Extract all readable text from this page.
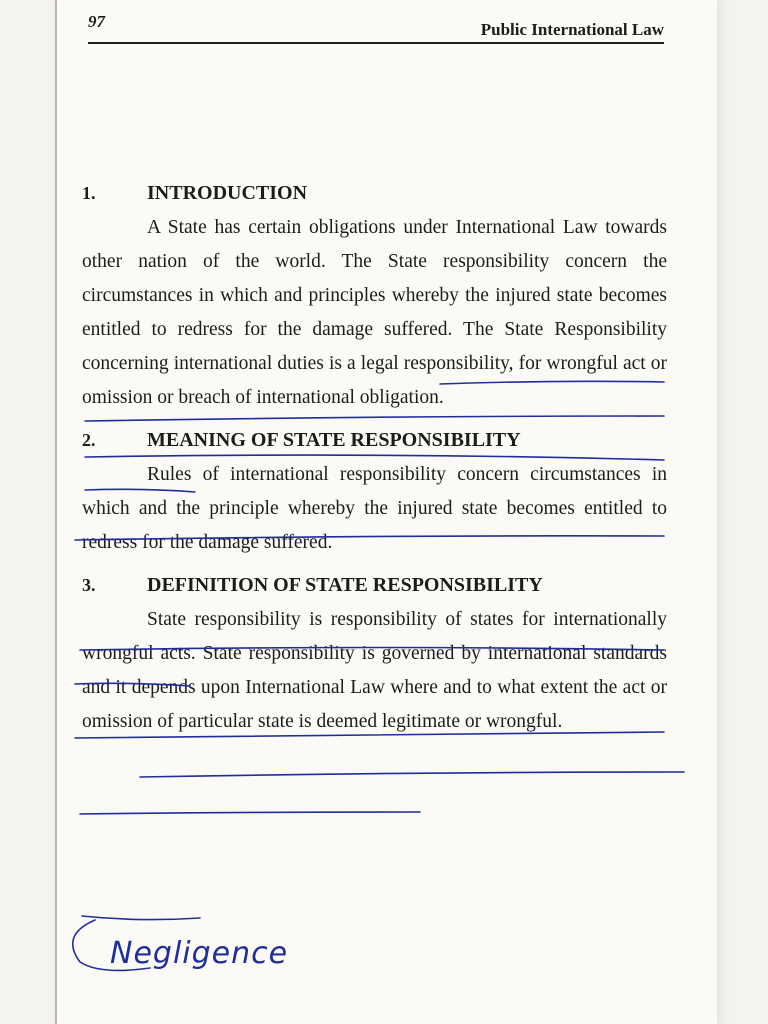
97	Public International Law
1.	INTRODUCTION

A State has certain obligations under International Law towards other nation of the world. The State responsibility concern the circumstances in which and principles whereby the injured state becomes entitled to redress for the damage suffered. The State Responsibility concerning international duties is a legal responsibility, for wrongful act or omission or breach of international obligation.

2.	MEANING OF STATE RESPONSIBILITY

Rules of international responsibility concern circumstances in which and the principle whereby the injured state becomes entitled to redress for the damage suffered.

3.	DEFINITION OF STATE RESPONSIBILITY

State responsibility is responsibility of states for internationally wrongful acts. State responsibility is governed by international standards and it depends upon International Law where and to what extent the act or omission of particular state is deemed legitimate or wrongful.

Negligence
